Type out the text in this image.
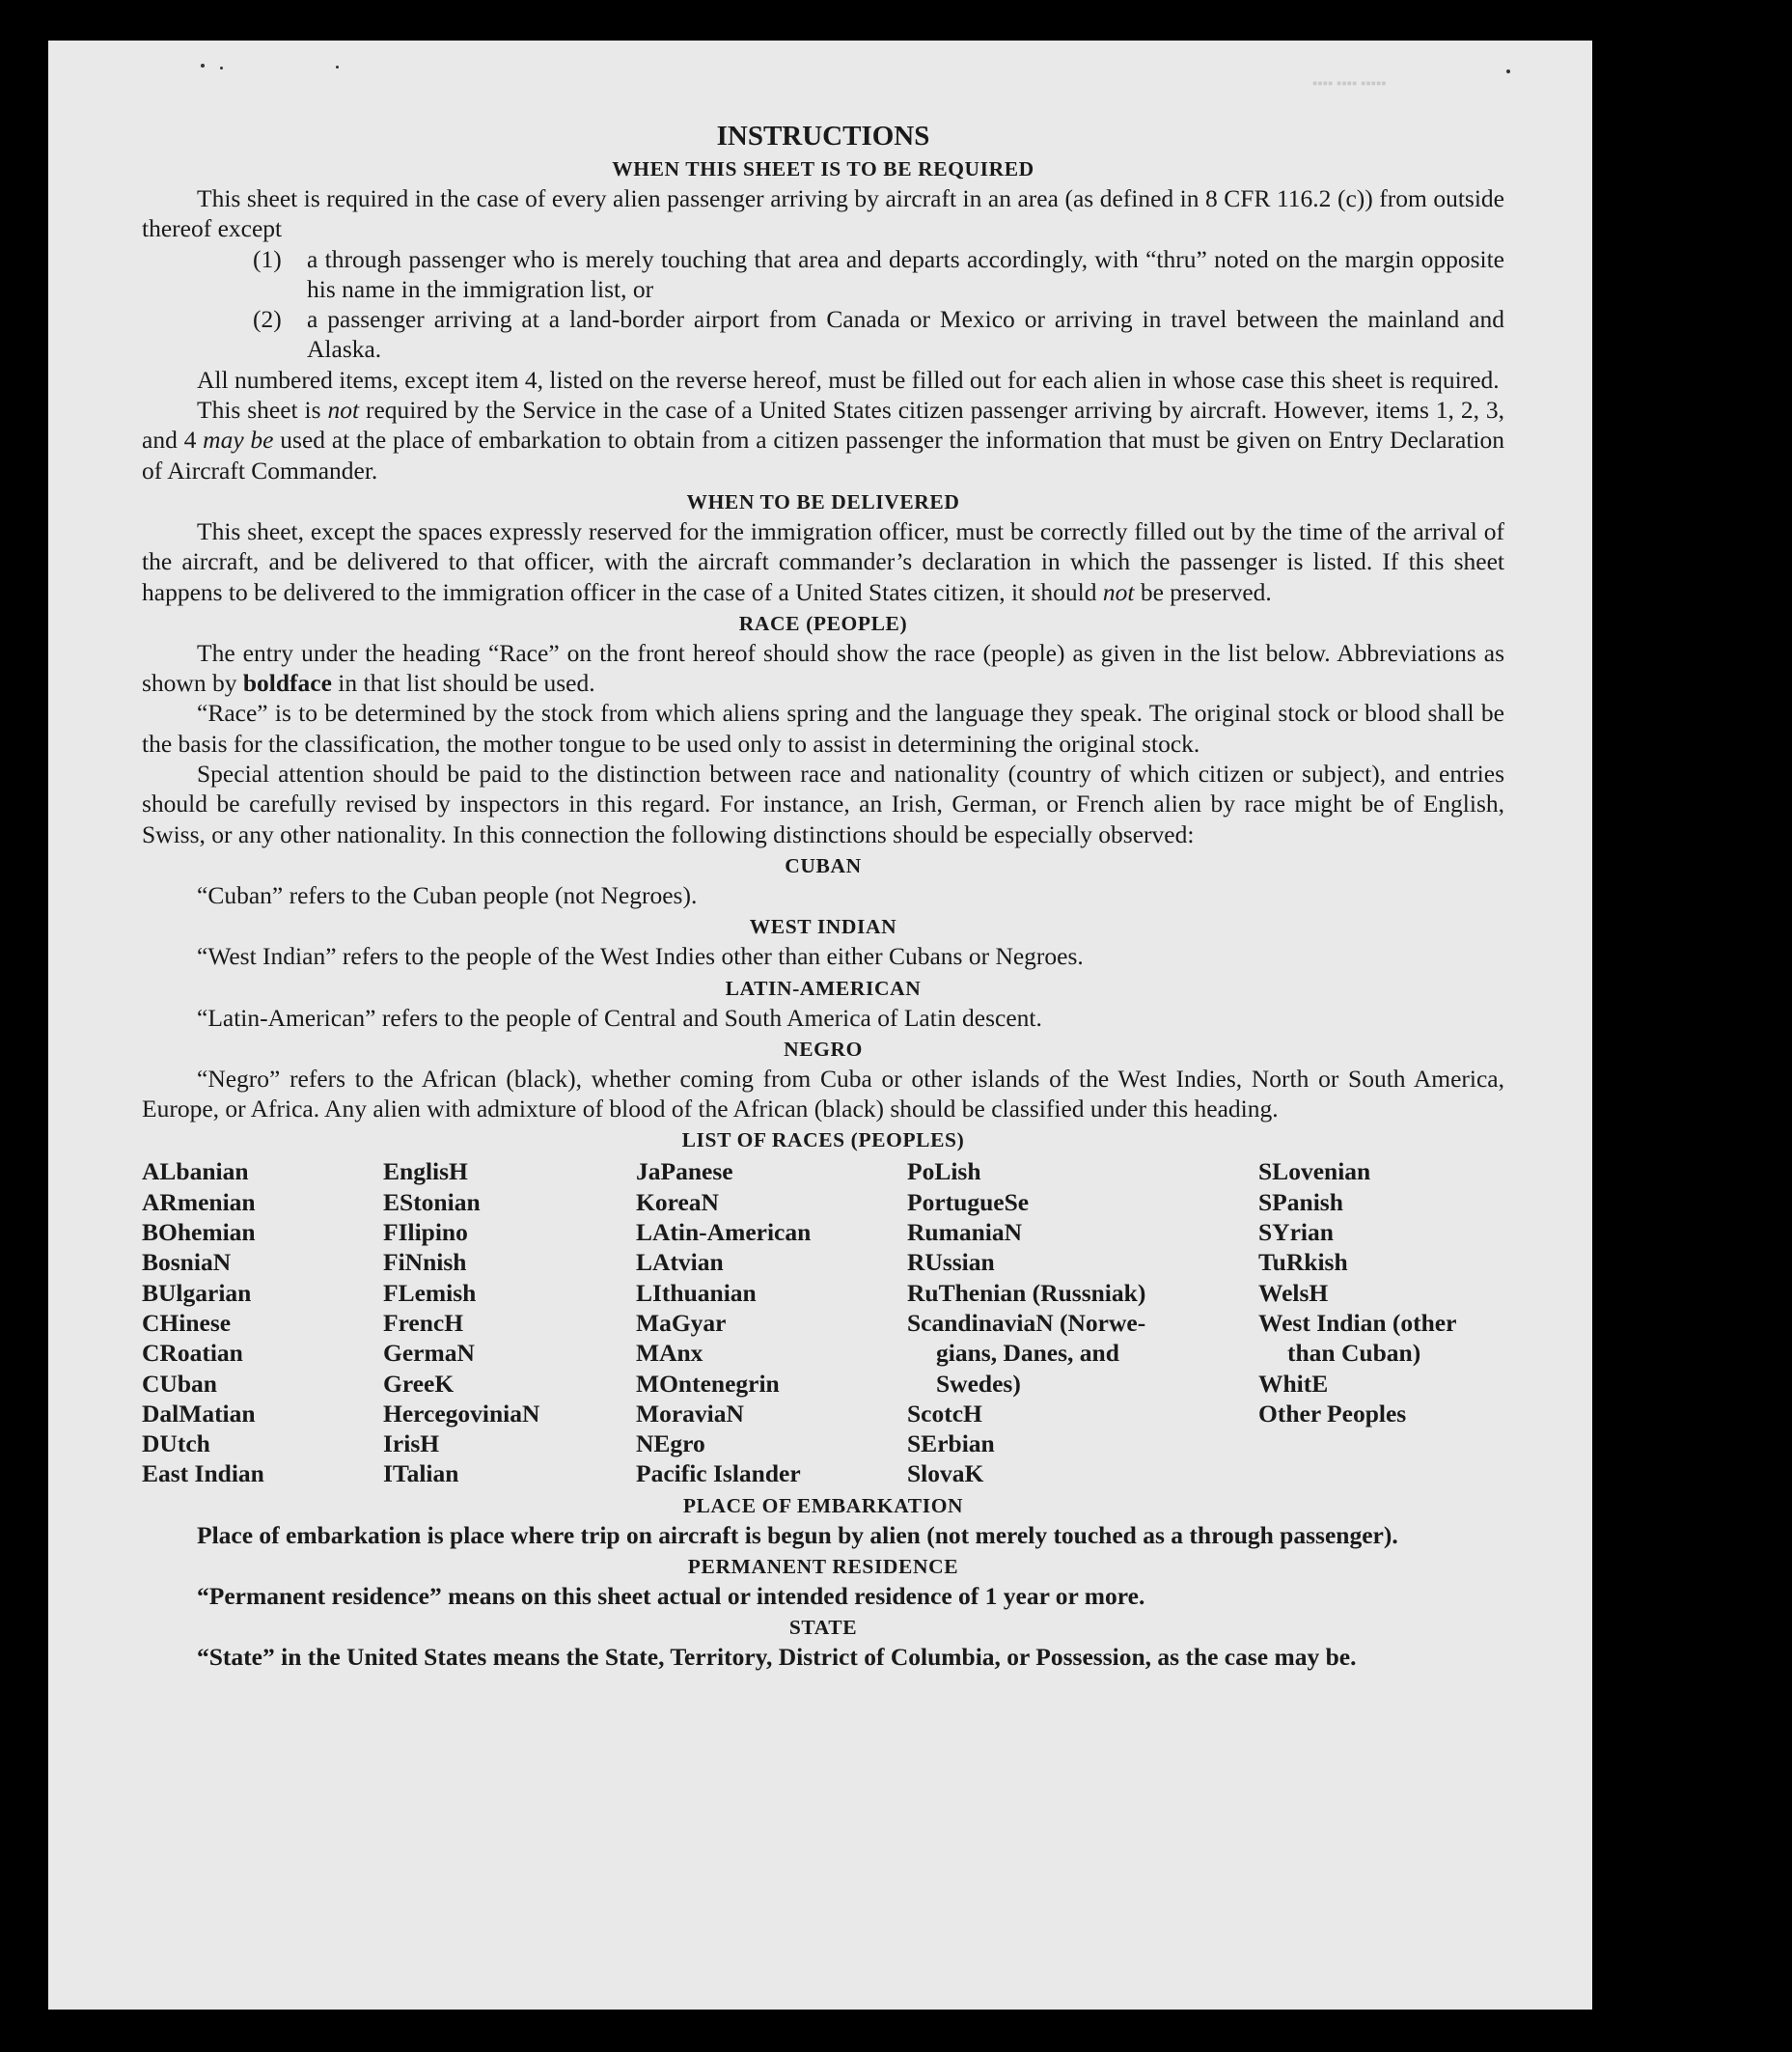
▪▪▪▪ ▪▪▪▪ ▪▪▪▪▪
INSTRUCTIONS
WHEN THIS SHEET IS TO BE REQUIRED

This sheet is required in the case of every alien passenger arriving by aircraft in an area (as defined in 8 CFR 116.2 (c)) from outside thereof except

(1)	a through passenger who is merely touching that area and departs accordingly, with “thru” noted on the margin opposite his name in the immigration list, or
(2)	a passenger arriving at a land-border airport from Canada or Mexico or arriving in travel between the mainland and Alaska.

All numbered items, except item 4, listed on the reverse hereof, must be filled out for each alien in whose case this sheet is required.

This sheet is not required by the Service in the case of a United States citizen passenger arriving by aircraft. However, items 1, 2, 3, and 4 may be used at the place of embarkation to obtain from a citizen passenger the information that must be given on Entry Declaration of Aircraft Commander.

WHEN TO BE DELIVERED

This sheet, except the spaces expressly reserved for the immigration officer, must be correctly filled out by the time of the arrival of the aircraft, and be delivered to that officer, with the aircraft commander’s declaration in which the passenger is listed. If this sheet happens to be delivered to the immigration officer in the case of a United States citizen, it should not be preserved.

RACE (PEOPLE)

The entry under the heading “Race” on the front hereof should show the race (people) as given in the list below. Abbreviations as shown by boldface in that list should be used.

“Race” is to be determined by the stock from which aliens spring and the language they speak. The original stock or blood shall be the basis for the classification, the mother tongue to be used only to assist in determining the original stock.

Special attention should be paid to the distinction between race and nationality (country of which citizen or subject), and entries should be carefully revised by inspectors in this regard. For instance, an Irish, German, or French alien by race might be of English, Swiss, or any other nationality. In this connection the following distinctions should be especially observed:

CUBAN

“Cuban” refers to the Cuban people (not Negroes).

WEST INDIAN

“West Indian” refers to the people of the West Indies other than either Cubans or Negroes.

LATIN-AMERICAN

“Latin-American” refers to the people of Central and South America of Latin descent.

NEGRO

“Negro” refers to the African (black), whether coming from Cuba or other islands of the West Indies, North or South America, Europe, or Africa. Any alien with admixture of blood of the African (black) should be classified under this heading.

LIST OF RACES (PEOPLES)
ALbanian
ARmenian
BOhemian
BosniaN
BUlgarian
CHinese
CRoatian
CUban
DalMatian
DUtch
East Indian
EnglisH
EStonian
FIlipino
FiNnish
FLemish
FrencH
GermaN
GreeK
HercegoviniaN
IrisH
ITalian
JaPanese
KoreaN
LAtin-American
LAtvian
LIthuanian
MaGyar
MAnx
MOntenegrin
MoraviaN
NEgro
Pacific Islander
PoLish
PortugueSe
RumaniaN
RUssian
RuThenian (Russniak)
ScandinaviaN (Norwe-
gians, Danes, and
Swedes)
ScotcH
SErbian
SlovaK
SLovenian
SPanish
SYrian
TuRkish
WelsH
West Indian (other
than Cuban)
WhitE
Other Peoples
PLACE OF EMBARKATION

Place of embarkation is place where trip on aircraft is begun by alien (not merely touched as a through passenger).

PERMANENT RESIDENCE

“Permanent residence” means on this sheet actual or intended residence of 1 year or more.

STATE

“State” in the United States means the State, Territory, District of Columbia, or Possession, as the case may be.
